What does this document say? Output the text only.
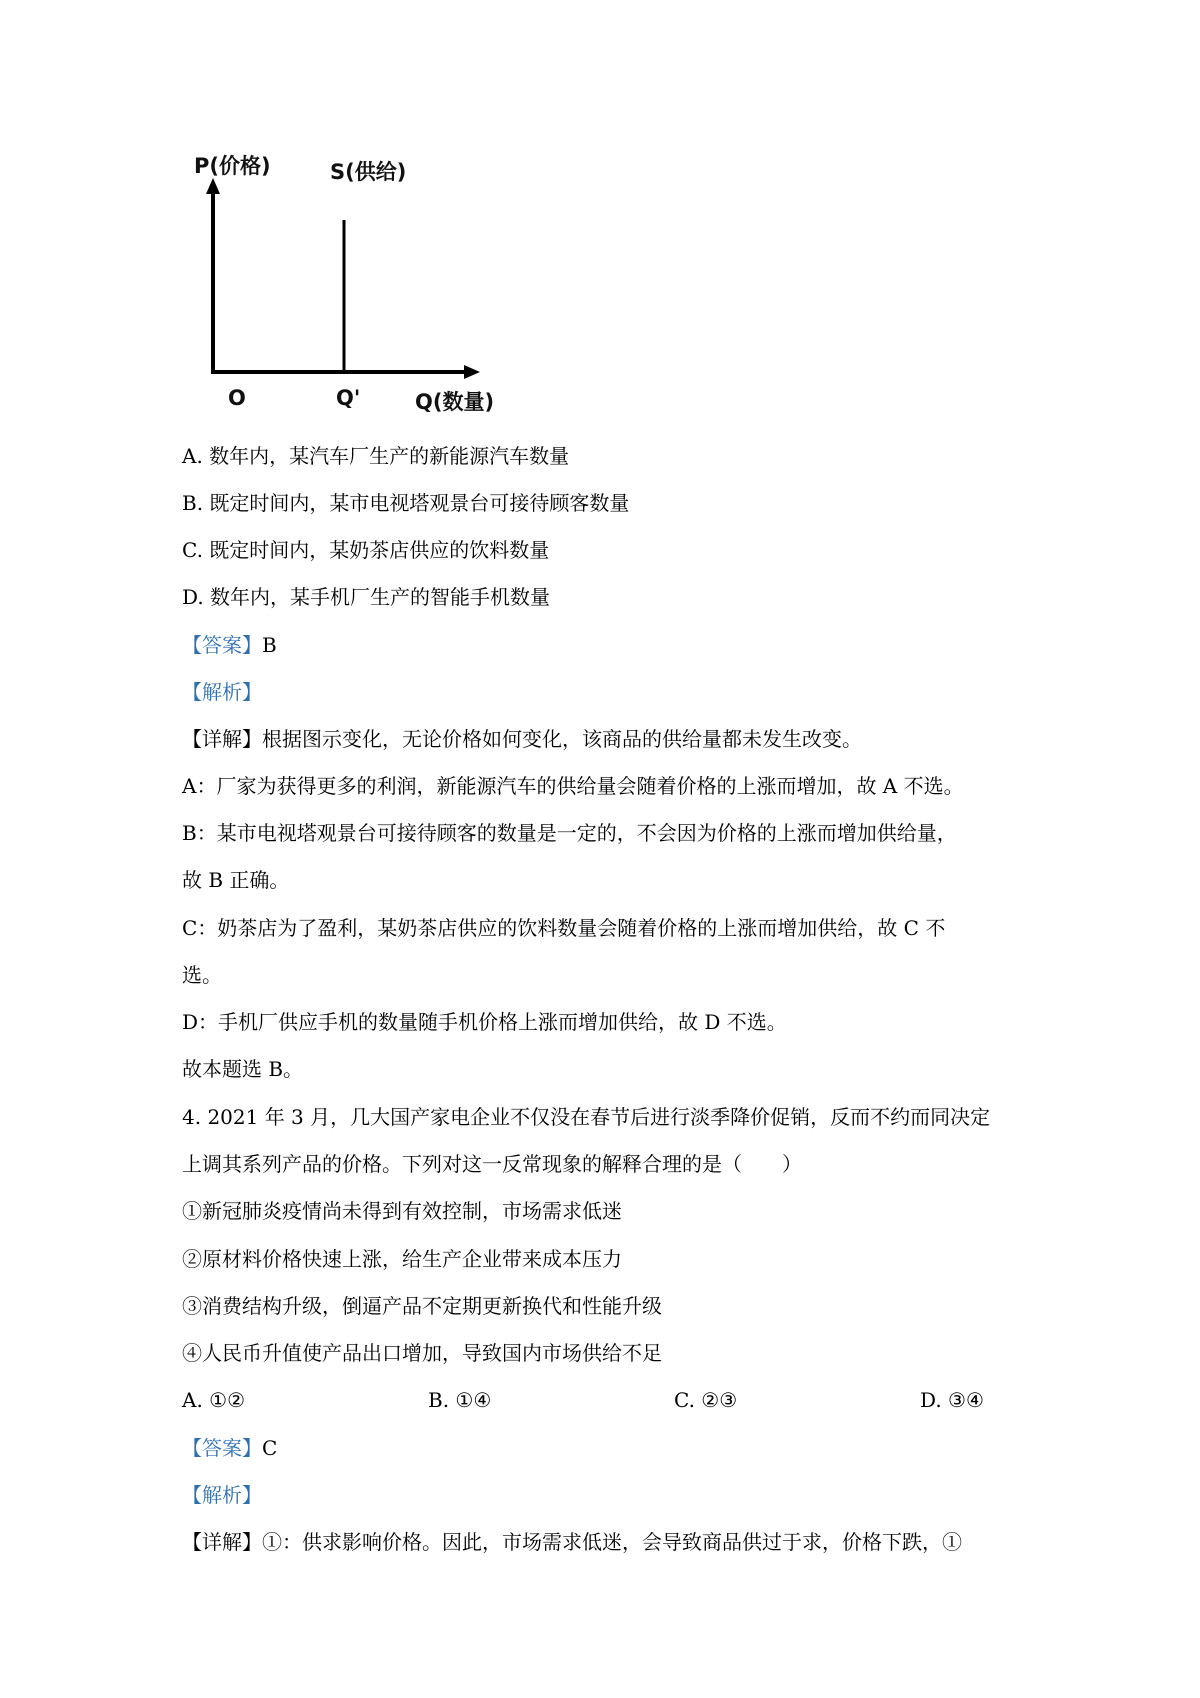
P(价格)	S(供给)
O	Q'	Q(数量)
A. 数年内，某汽车厂生产的新能源汽车数量
B. 既定时间内，某市电视塔观景台可接待顾客数量
C. 既定时间内，某奶茶店供应的饮料数量
D. 数年内，某手机厂生产的智能手机数量
【答案】B
【解析】
【详解】根据图示变化，无论价格如何变化，该商品的供给量都未发生改变。
A：厂家为获得更多的利润，新能源汽车的供给量会随着价格的上涨而增加，故 A 不选。
B：某市电视塔观景台可接待顾客的数量是一定的，不会因为价格的上涨而增加供给量，
故 B 正确。
C：奶茶店为了盈利，某奶茶店供应的饮料数量会随着价格的上涨而增加供给，故 C 不
选。
D：手机厂供应手机的数量随手机价格上涨而增加供给，故 D 不选。
故本题选 B。
4. 2021 年 3 月，几大国产家电企业不仅没在春节后进行淡季降价促销，反而不约而同决定
上调其系列产品的价格。下列对这一反常现象的解释合理的是（　　）
①新冠肺炎疫情尚未得到有效控制，市场需求低迷
②原材料价格快速上涨，给生产企业带来成本压力
③消费结构升级，倒逼产品不定期更新换代和性能升级
④人民币升值使产品出口增加，导致国内市场供给不足
A. ①②	B. ①④	C. ②③	D. ③④
【答案】C
【解析】
【详解】①：供求影响价格。因此，市场需求低迷，会导致商品供过于求，价格下跌，①
